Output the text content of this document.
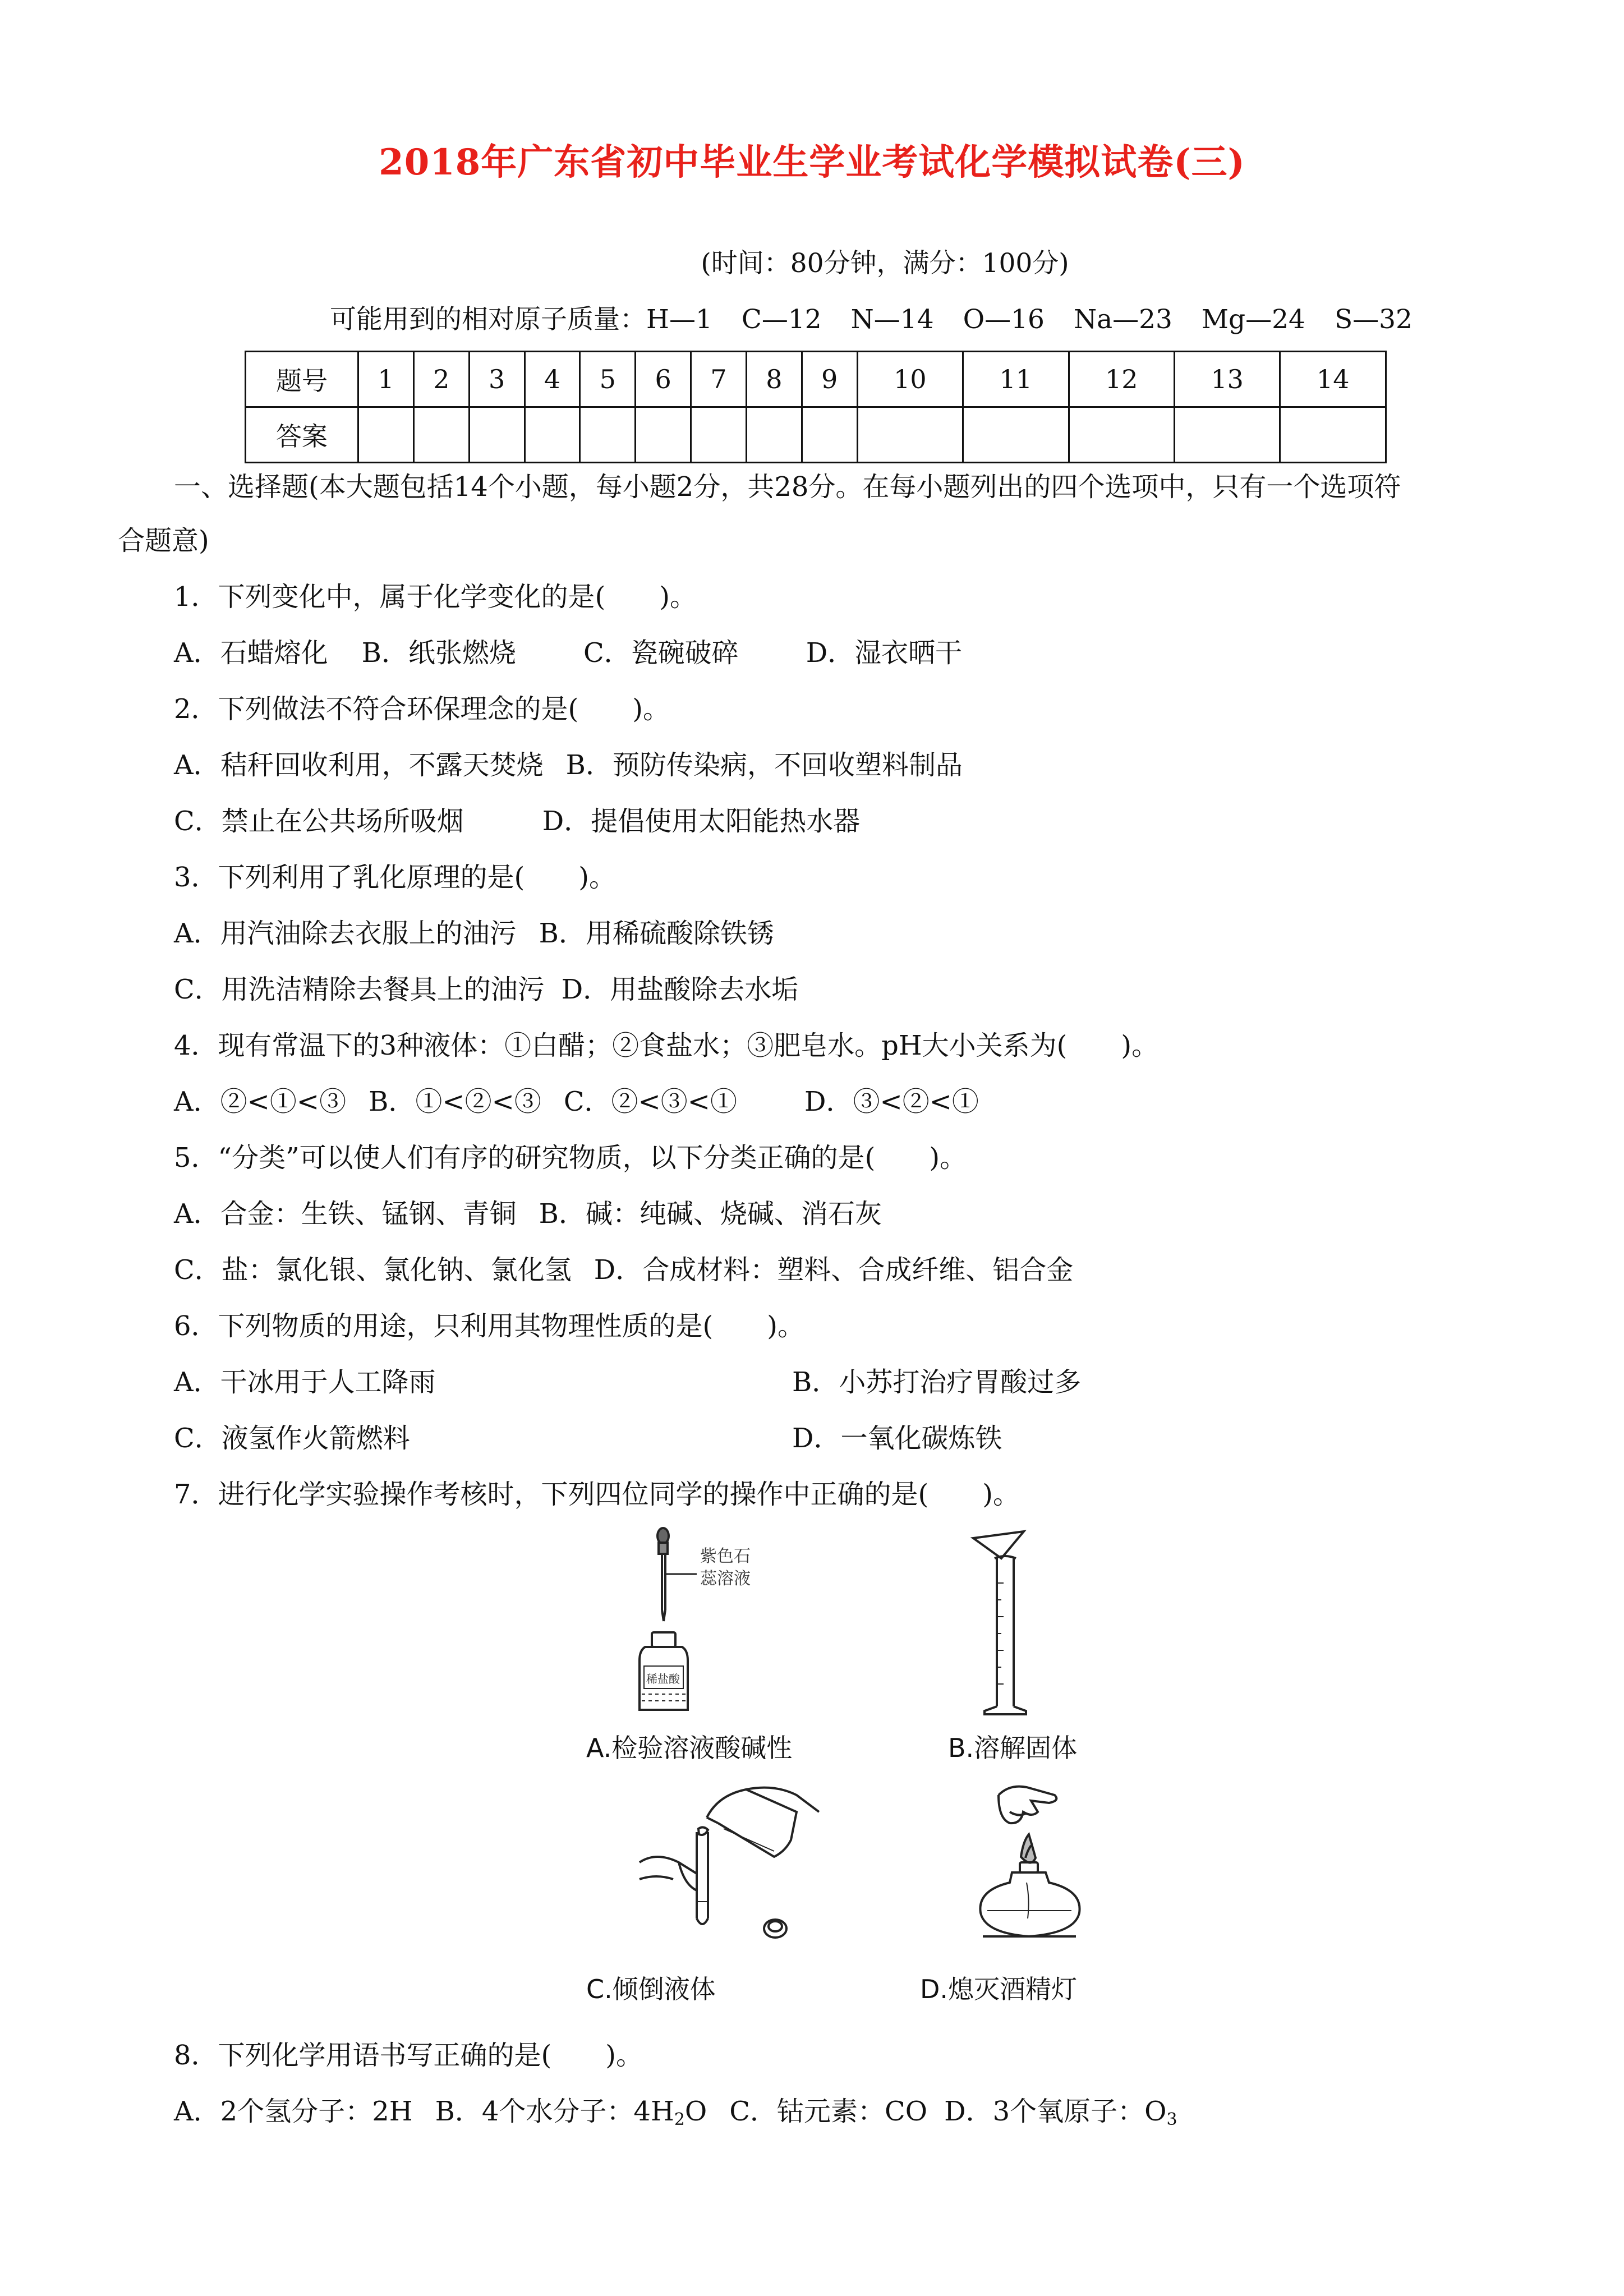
2018年广东省初中毕业生学业考试化学模拟试卷(三)
(时间：80分钟，满分：100分)
可能用到的相对原子质量：H—1 C—12 N—14 O—16 Na—23 Mg—24 S—32
题号	1	2	3	4	5	6	7	8	9	10	11	12	13	14
答案														
一、选择题(本大题包括14个小题，每小题2分，共28分。在每小题列出的四个选项中，只有一个选项符
合题意)
1．下列变化中，属于化学变化的是(　　)。
A．石蜡熔化 B．纸张燃烧	C．瓷碗破碎	D．湿衣晒干
2．下列做法不符合环保理念的是(　　)。
A．秸秆回收利用，不露天焚烧 B．预防传染病，不回收塑料制品
C．禁止在公共场所吸烟	D．提倡使用太阳能热水器
3．下列利用了乳化原理的是(　　)。
A．用汽油除去衣服上的油污 B．用稀硫酸除铁锈
C．用洗洁精除去餐具上的油污 D．用盐酸除去水垢
4．现有常温下的3种液体：①白醋；②食盐水；③肥皂水。pH大小关系为(　　)。
A．②<①<③ B．①<②<③ C．②<③<①	D．③<②<①
5．“分类”可以使人们有序的研究物质，以下分类正确的是(　　)。
A．合金：生铁、锰钢、青铜 B．碱：纯碱、烧碱、消石灰
C．盐：氯化银、氯化钠、氯化氢 D．合成材料：塑料、合成纤维、铝合金
6．下列物质的用途，只利用其物理性质的是(　　)。
A．干冰用于人工降雨	B．小苏打治疗胃酸过多
C．液氢作火箭燃料	D．一氧化碳炼铁
7．进行化学实验操作考核时，下列四位同学的操作中正确的是(　　)。
紫色石
蕊溶液
稀盐酸
A.检验溶液酸碱性	B.溶解固体
C.倾倒液体	D.熄灭酒精灯
8．下列化学用语书写正确的是(　　)。
A．2个氢分子：2H B．4个水分子：$4H_2O$ C．钴元素：CO D．3个氧原子：$O_3$
